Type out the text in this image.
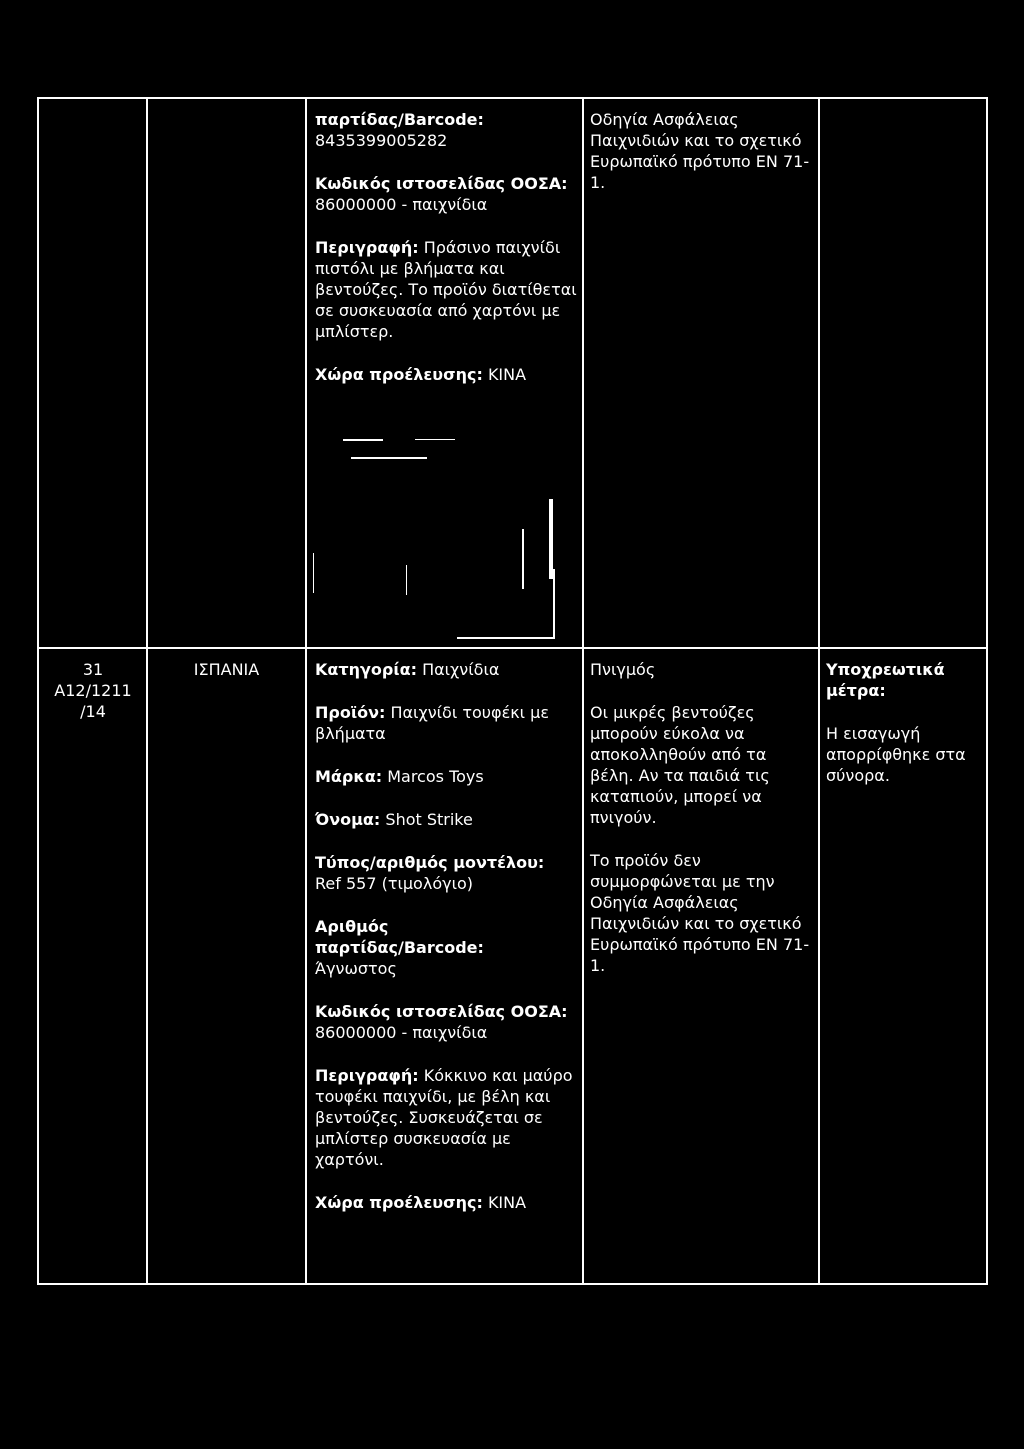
παρτίδας/Barcode:
8435399005282

Κωδικός ιστοσελίδας ΟΟΣΑ: 86000000 - παιχνίδια

Περιγραφή: Πράσινο παιχνίδι πιστόλι με βλήματα και βεντούζες. Το προϊόν διατίθεται σε συσκευασία από χαρτόνι με μπλίστερ.

Χώρα προέλευσης: ΚΙΝΑ

Οδηγία Ασφάλειας Παιχνιδιών και το σχετικό Ευρωπαϊκό πρότυπο ΕΝ 71-1.

31
A12/1211
/14
ΙΣΠΑΝΙΑ	Κατηγορία: Παιχνίδια

Προϊόν: Παιχνίδι τουφέκι με βλήματα

Μάρκα: Marcos Toys

Όνομα: Shot Strike

Τύπος/αριθμός μοντέλου:
Ref 557 (τιμολόγιο)

Αριθμός
παρτίδας/Barcode:
Άγνωστος

Κωδικός ιστοσελίδας ΟΟΣΑ: 86000000 - παιχνίδια

Περιγραφή: Κόκκινο και μαύρο τουφέκι παιχνίδι, με βέλη και βεντούζες. Συσκευάζεται σε μπλίστερ συσκευασία με χαρτόνι.

Χώρα προέλευσης: ΚΙΝΑ

Πνιγμός

Οι μικρές βεντούζες μπορούν εύκολα να αποκολληθούν από τα βέλη. Αν τα παιδιά τις καταπιούν, μπορεί να πνιγούν.

Το προϊόν δεν συμμορφώνεται με την Οδηγία Ασφάλειας Παιχνιδιών και το σχετικό Ευρωπαϊκό πρότυπο ΕΝ 71-1.

Υποχρεωτικά μέτρα:

Η εισαγωγή απορρίφθηκε στα σύνορα.
